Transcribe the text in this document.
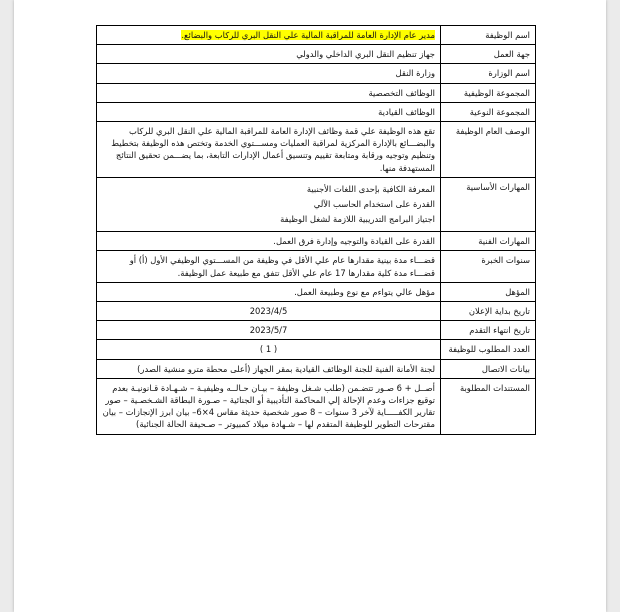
اسم الوظيفة	مدير عام الإدارة العامة للمراقبة المالية علي النقل البري للركاب والبضائع.
جهة العمل	جهاز تنظيم النقل البري الداخلي والدولي
اسم الوزارة	وزارة النقل
المجموعة الوظيفية	الوظائف التخصصية
المجموعة النوعية	الوظائف القيادية
الوصف العام الوظيفة	تقع هذه الوظيفة علي قمة وظائف الإدارة العامة للمراقبة المالية علي النقل البري للركاب والبضـــائع بالإدارة المركزية لمراقبة العمليات ومســـتوي الخدمة وتختص هذه الوظيفة بتخطيط وتنظيم وتوجيه ورقابة ومتابعة تقييم وتنسيق أعمال الإدارات التابعة، بما يضـــمن تحقيق النتائج المستهدفة منها.
المهارات الأساسية	المعرفة الكافية بإحدى اللغات الأجنبية
القدرة على استخدام الحاسب الآلي
اجتياز البرامج التدريبية اللازمة لشغل الوظيفة

المهارات الفنية	القدرة على القيادة والتوجيه وإدارة فرق العمل.
سنوات الخبرة	قضـــاء مدة بينية مقدارها عام علي الأقل في وظيفة من المســـتوي الوظيفي الأول (أ) أو قضـــاء مدة كلية مقدارها 17 عام علي الأقل تتفق مع طبيعة عمل الوظيفة.
المؤهل	مؤهل عالي يتواءم مع نوع وطبيعة العمل.
تاريخ بداية الإعلان	2023/4/5
تاريخ انتهاء التقدم	2023/5/7
العدد المطلوب للوظيفة	( 1 )
بيانات الاتصال	لجنة الأمانة الفنية للجنة الوظائف القيادية بمقر الجهاز (أعلى محطة مترو منشية الصدر)
المستندات المطلوبة	أصــل + 6 صـور تتضـمن (طلب شـغل وظيفة – بيـان حـالــه وظيفيـة – شـهـادة قـانونيـة بعدم توقيع جزاءات وعدم الإحالة إلي المحاكمة التأديبية أو الجنائية – صـورة البطاقة الشـخصـية – صور تقارير الكفـــــاية لآخر 3 سنوات – 8 صور شخصية حديثة مقاس 4×6– بيان ابرز الإنجازات – بيان مقترحات التطوير للوظيفة المتقدم لها – شـهادة ميلاد كمبيوتر – صـحيفة الحالة الجنائية)
